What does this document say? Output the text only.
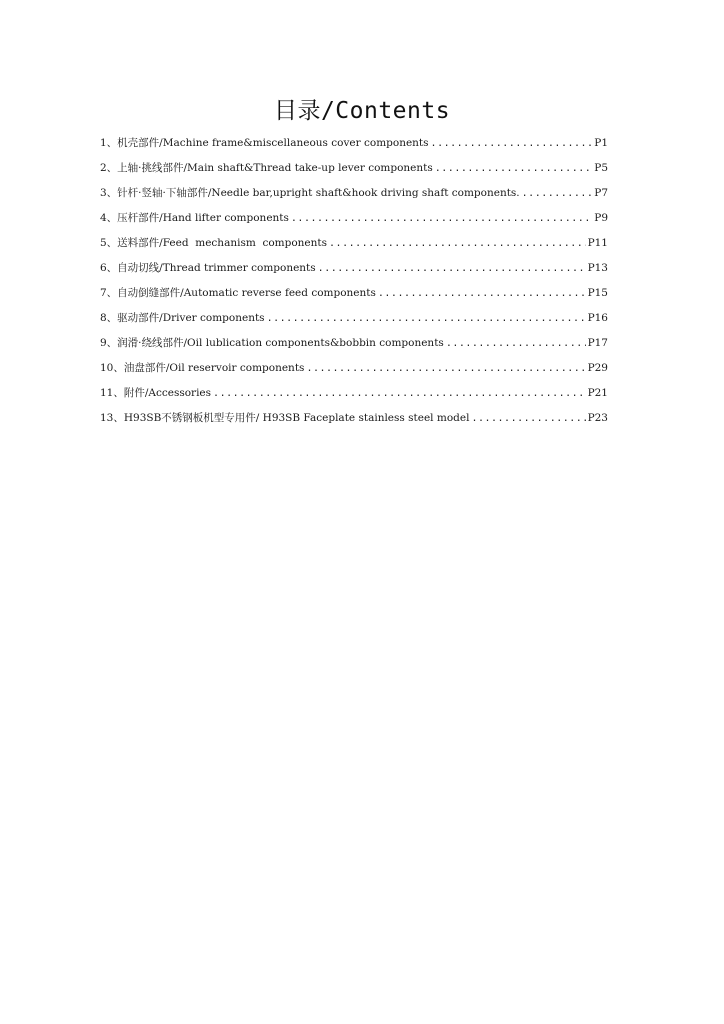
目录/Contents
1、机壳部件/Machine frame&miscellaneous cover components .....	P1
2、上轴·挑线部件/Main shaft&Thread take-up lever components .....	P5
3、针杆·竖轴·下轴部件/Needle bar,upright shaft&hook driving shaft components. .....	P7
4、压杆部件/Hand lifter components .....	P9
5、送料部件/Feed  mechanism  components .....	P11
6、自动切线/Thread trimmer components .....	P13
7、自动倒缝部件/Automatic reverse feed components .....	P15
8、驱动部件/Driver components .....	P16
9、润滑·绕线部件/Oil lublication components&bobbin components .....	P17
10、油盘部件/Oil reservoir components .....	P29
11、附件/Accessories .....	P21
13、H93SB不锈钢板机型专用件/ H93SB Faceplate stainless steel model .....	P23
